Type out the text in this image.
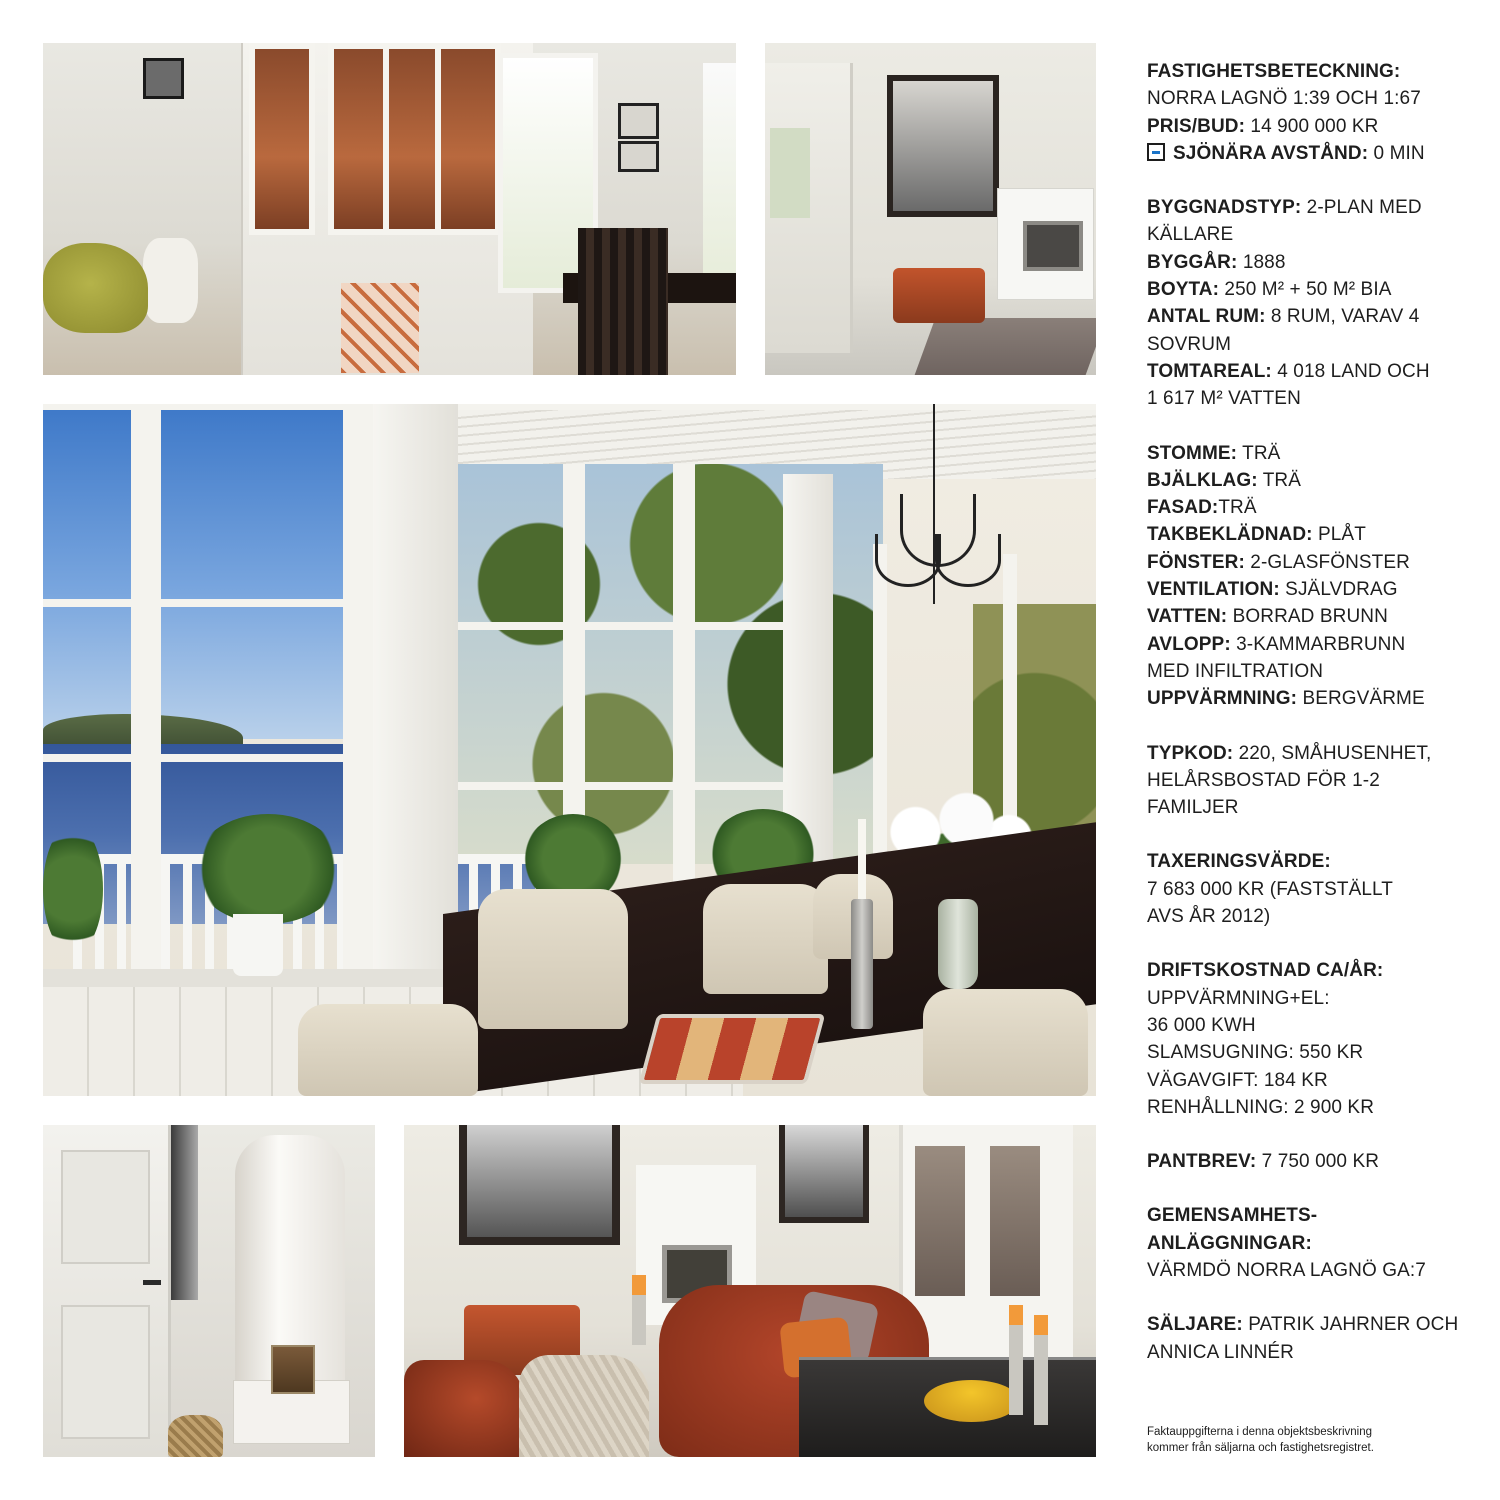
FASTIGHETSBETECKNING:
NORRA LAGNÖ 1:39 OCH 1:67
PRIS/BUD: 14 900 000 KR
SJÖNÄRA AVSTÅND: 0 MIN
BYGGNADSTYP: 2-PLAN MED
KÄLLARE
BYGGÅR: 1888
BOYTA: 250 M² + 50 M² BIA
ANTAL RUM: 8 RUM, VARAV 4
SOVRUM
TOMTAREAL: 4 018 LAND OCH
1 617 M² VATTEN
STOMME: TRÄ
BJÄLKLAG: TRÄ
FASAD:TRÄ
TAKBEKLÄDNAD: PLÅT
FÖNSTER: 2-GLASFÖNSTER
VENTILATION: SJÄLVDRAG
VATTEN: BORRAD BRUNN
AVLOPP: 3-KAMMARBRUNN
MED INFILTRATION
UPPVÄRMNING: BERGVÄRME
TYPKOD: 220, SMÅHUSENHET,
HELÅRSBOSTAD FÖR 1-2
FAMILJER
TAXERINGSVÄRDE:
7 683 000 KR (FASTSTÄLLT
AVS ÅR 2012)
DRIFTSKOSTNAD CA/ÅR:
UPPVÄRMNING+EL:
36 000 KWH
SLAMSUGNING: 550 KR
VÄGAVGIFT: 184 KR
RENHÅLLNING: 2 900 KR
PANTBREV: 7 750 000 KR
GEMENSAMHETS-
ANLÄGGNINGAR:
VÄRMDÖ NORRA LAGNÖ GA:7
SÄLJARE: PATRIK JAHRNER OCH
ANNICA LINNÉR
Faktauppgifterna i denna objektsbeskrivning
kommer från säljarna och fastighetsregistret.
